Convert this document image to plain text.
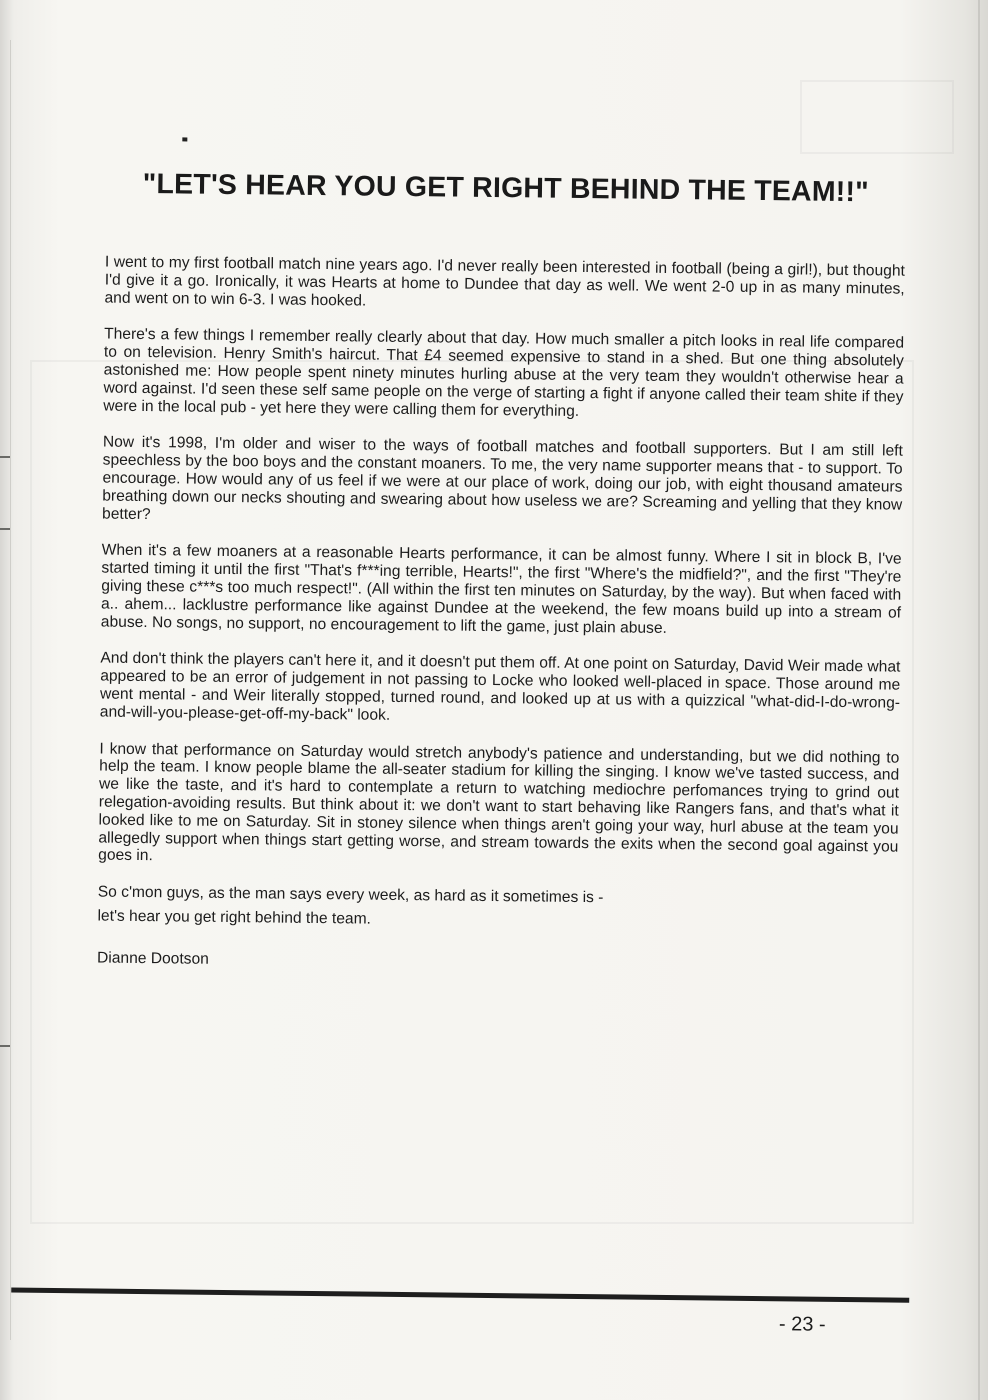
"LET'S HEAR YOU GET RIGHT BEHIND THE TEAM!!"

I went to my first football match nine years ago. I'd never really been interested in football (being a girl!), but thought I'd give it a go. Ironically, it was Hearts at home to Dundee that day as well. We went 2-0 up in as many minutes, and went on to win 6-3. I was hooked.

There's a few things I remember really clearly about that day. How much smaller a pitch looks in real life compared to on television. Henry Smith's haircut. That £4 seemed expensive to stand in a shed. But one thing absolutely astonished me: How people spent ninety minutes hurling abuse at the very team they wouldn't otherwise hear a word against. I'd seen these self same people on the verge of starting a fight if anyone called their team shite if they were in the local pub - yet here they were calling them for everything.

Now it's 1998, I'm older and wiser to the ways of football matches and football supporters. But I am still left speechless by the boo boys and the constant moaners. To me, the very name supporter means that - to support. To encourage. How would any of us feel if we were at our place of work, doing our job, with eight thousand amateurs breathing down our necks shouting and swearing about how useless we are? Screaming and yelling that they know better?

When it's a few moaners at a reasonable Hearts performance, it can be almost funny. Where I sit in block B, I've started timing it until the first "That's f***ing terrible, Hearts!", the first "Where's the midfield?", and the first "They're giving these c***s too much respect!". (All within the first ten minutes on Saturday, by the way). But when faced with a.. ahem... lacklustre performance like against Dundee at the weekend, the few moans build up into a stream of abuse. No songs, no support, no encouragement to lift the game, just plain abuse.

And don't think the players can't here it, and it doesn't put them off. At one point on Saturday, David Weir made what appeared to be an error of judgement in not passing to Locke who looked well-placed in space. Those around me went mental - and Weir literally stopped, turned round, and looked up at us with a quizzical "what-did-I-do-wrong-and-will-you-please-get-off-my-back" look.

I know that performance on Saturday would stretch anybody's patience and understanding, but we did nothing to help the team. I know people blame the all-seater stadium for killing the singing. I know we've tasted success, and we like the taste, and it's hard to contemplate a return to watching mediochre perfomances trying to grind out relegation-avoiding results. But think about it: we don't want to start behaving like Rangers fans, and that's what it looked like to me on Saturday. Sit in stoney silence when things aren't going your way, hurl abuse at the team you allegedly support when things start getting worse, and stream towards the exits when the second goal against you goes in.

So c'mon guys, as the man says every week, as hard as it sometimes is -

let's hear you get right behind the team.

Dianne Dootson

- 23 -
